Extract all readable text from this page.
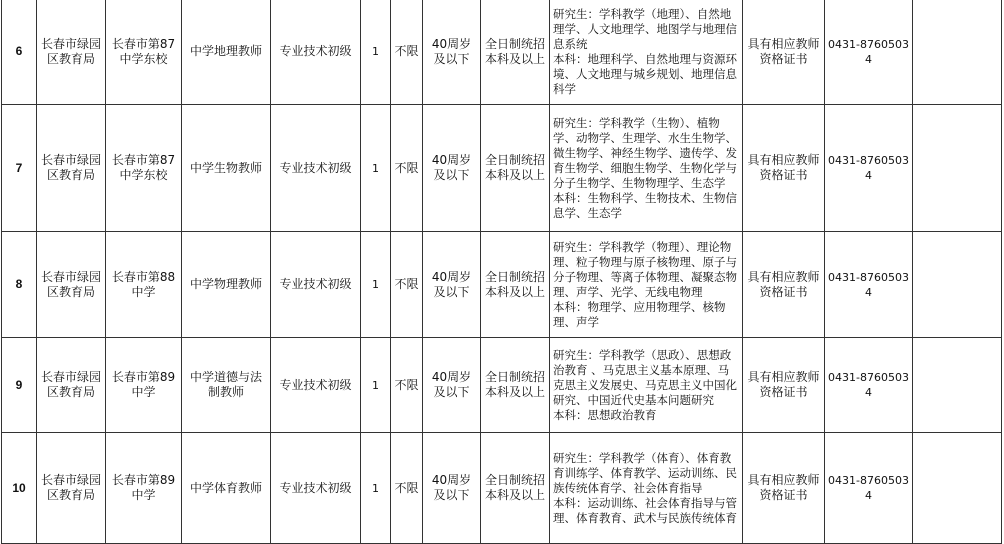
6	长春市绿园区教育局	长春市第87中学东校	中学地理教师	专业技术初级	1	不限	40周岁及以下	全日制统招本科及以上	研究生：学科教学（地理）、自然地理学、人文地理学、地图学与地理信息系统
本科：地理科学、自然地理与资源环境、人文地理与城乡规划、地理信息科学	具有相应教师资格证书	0431-87605034	
7	长春市绿园区教育局	长春市第87中学东校	中学生物教师	专业技术初级	1	不限	40周岁及以下	全日制统招本科及以上	研究生：学科教学（生物）、植物学、动物学、生理学、水生生物学、微生物学、神经生物学、遗传学、发育生物学、细胞生物学、生物化学与分子生物学、生物物理学、生态学
本科：生物科学、生物技术、生物信息学、生态学	具有相应教师资格证书	0431-87605034	
8	长春市绿园区教育局	长春市第88中学	中学物理教师	专业技术初级	1	不限	40周岁及以下	全日制统招本科及以上	研究生：学科教学（物理）、理论物理、粒子物理与原子核物理、原子与分子物理、等离子体物理、凝聚态物理、声学、光学、无线电物理
本科：物理学、应用物理学、核物理、声学	具有相应教师资格证书	0431-87605034	
9	长春市绿园区教育局	长春市第89中学	中学道德与法制教师	专业技术初级	1	不限	40周岁及以下	全日制统招本科及以上	研究生：学科教学（思政）、思想政治教育 、马克思主义基本原理、马克思主义发展史、马克思主义中国化研究、中国近代史基本问题研究
本科：思想政治教育	具有相应教师资格证书	0431-87605034	
10	长春市绿园区教育局	长春市第89中学	中学体育教师	专业技术初级	1	不限	40周岁及以下	全日制统招本科及以上	研究生：学科教学（体育）、体育教育训练学、体育教学、运动训练、民族传统体育学、社会体育指导
本科：运动训练、社会体育指导与管理、体育教育、武术与民族传统体育	具有相应教师资格证书	0431-87605034	
